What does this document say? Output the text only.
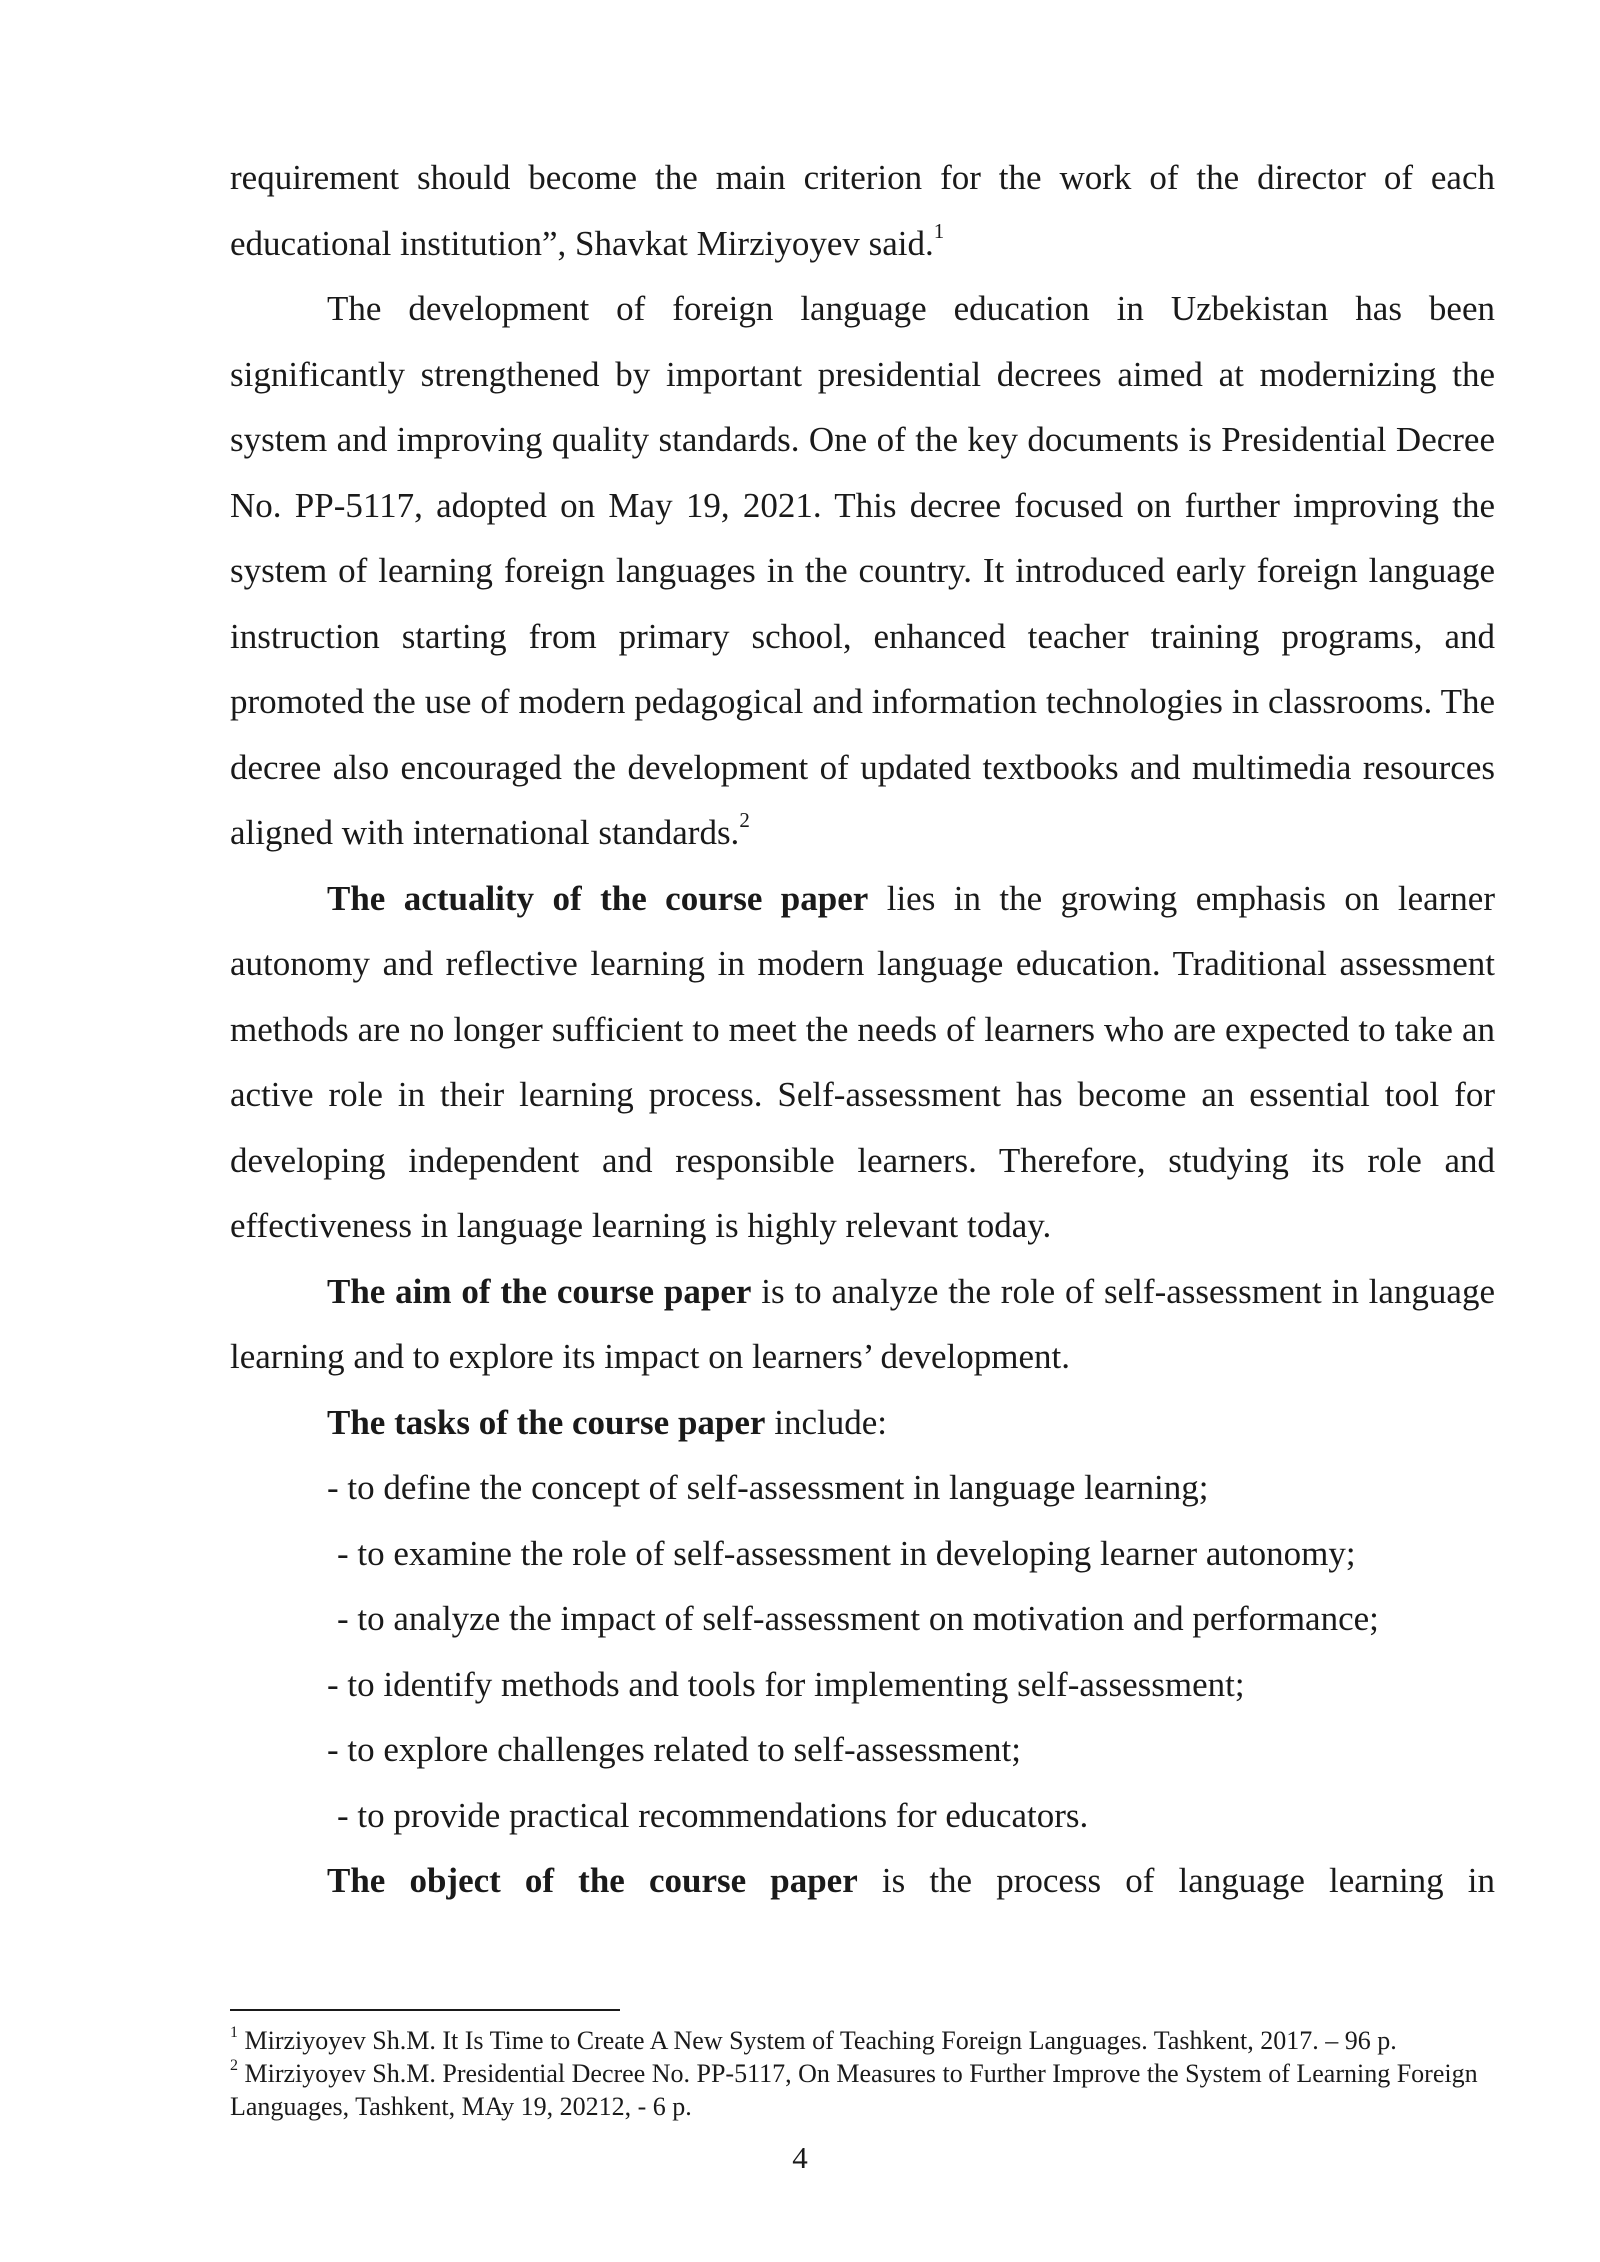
requirement should become the main criterion for the work of the director of each educational institution”, Shavkat Mirziyoyev said.$^1$

The development of foreign language education in Uzbekistan has been significantly strengthened by important presidential decrees aimed at modernizing the system and improving quality standards. One of the key documents is Presidential Decree No. PP-5117, adopted on May 19, 2021. This decree focused on further improving the system of learning foreign languages in the country. It introduced early foreign language instruction starting from primary school, enhanced teacher training programs, and promoted the use of modern pedagogical and information technologies in classrooms. The decree also encouraged the development of updated textbooks and multimedia resources aligned with international standards.$^2$

The actuality of the course paper lies in the growing emphasis on learner autonomy and reflective learning in modern language education. Traditional assessment methods are no longer sufficient to meet the needs of learners who are expected to take an active role in their learning process. Self-assessment has become an essential tool for developing independent and responsible learners. Therefore, studying its role and effectiveness in language learning is highly relevant today.

The aim of the course paper is to analyze the role of self-assessment in language learning and to explore its impact on learners’ development.

The tasks of the course paper include:

- to define the concept of self-assessment in language learning;

- to examine the role of self-assessment in developing learner autonomy;

- to analyze the impact of self-assessment on motivation and performance;

- to identify methods and tools for implementing self-assessment;

- to explore challenges related to self-assessment;

- to provide practical recommendations for educators.

The object of the course paper is the process of language learning in

$^1$ Mirziyoyev Sh.M. It Is Time to Create A New System of Teaching Foreign Languages. Tashkent, 2017. – 96 p.

$^2$ Mirziyoyev Sh.M. Presidential Decree No. PP-5117, On Measures to Further Improve the System of Learning Foreign Languages, Tashkent, MAy 19, 20212, - 6 p.

4
